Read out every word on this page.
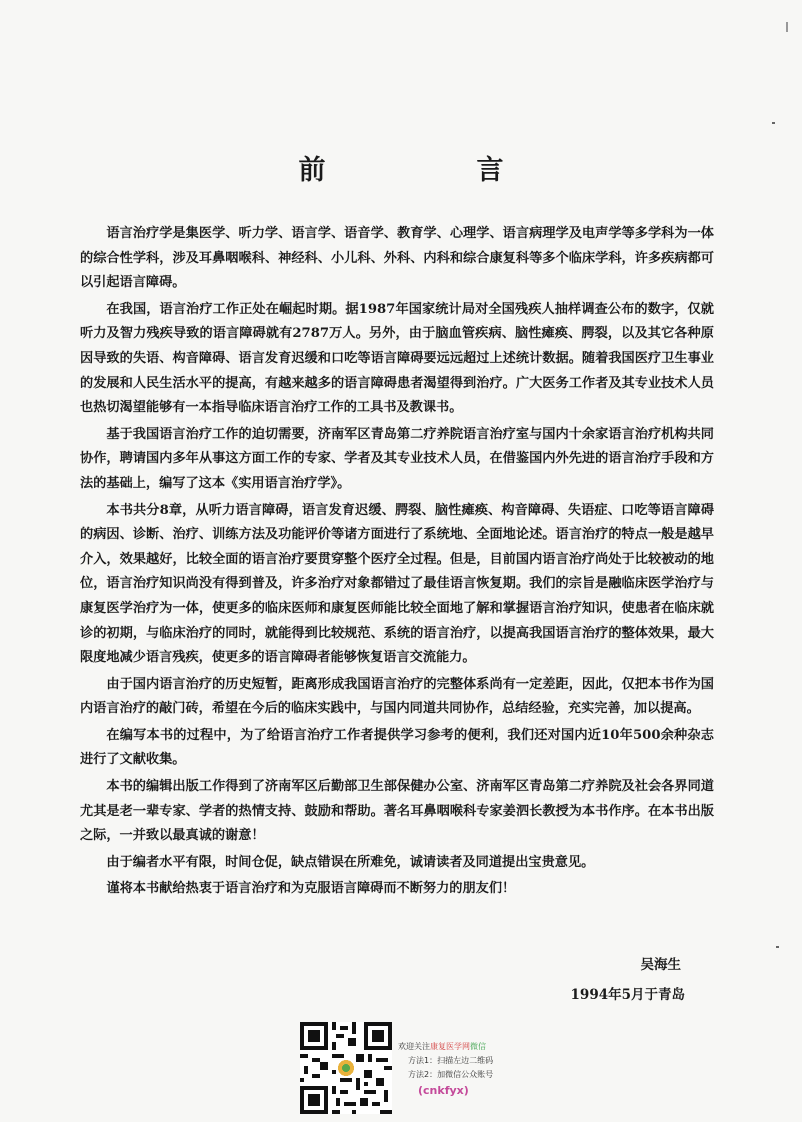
前　言

语言治疗学是集医学、听力学、语言学、语音学、教育学、心理学、语言病理学及电声学等多学科为一体的综合性学科，涉及耳鼻咽喉科、神经科、小儿科、外科、内科和综合康复科等多个临床学科，许多疾病都可以引起语言障碍。

在我国，语言治疗工作正处在崛起时期。据1987年国家统计局对全国残疾人抽样调查公布的数字，仅就听力及智力残疾导致的语言障碍就有2787万人。另外，由于脑血管疾病、脑性瘫痪、腭裂，以及其它各种原因导致的失语、构音障碍、语言发育迟缓和口吃等语言障碍要远远超过上述统计数据。随着我国医疗卫生事业的发展和人民生活水平的提高，有越来越多的语言障碍患者渴望得到治疗。广大医务工作者及其专业技术人员也热切渴望能够有一本指导临床语言治疗工作的工具书及教课书。

基于我国语言治疗工作的迫切需要，济南军区青岛第二疗养院语言治疗室与国内十余家语言治疗机构共同协作，聘请国内多年从事这方面工作的专家、学者及其专业技术人员，在借鉴国内外先进的语言治疗手段和方法的基础上，编写了这本《实用语言治疗学》。

本书共分8章，从听力语言障碍，语言发育迟缓、腭裂、脑性瘫痪、构音障碍、失语症、口吃等语言障碍的病因、诊断、治疗、训练方法及功能评价等诸方面进行了系统地、全面地论述。语言治疗的特点一般是越早介入，效果越好，比较全面的语言治疗要贯穿整个医疗全过程。但是，目前国内语言治疗尚处于比较被动的地位，语言治疗知识尚没有得到普及，许多治疗对象都错过了最佳语言恢复期。我们的宗旨是融临床医学治疗与康复医学治疗为一体，使更多的临床医师和康复医师能比较全面地了解和掌握语言治疗知识，使患者在临床就诊的初期，与临床治疗的同时，就能得到比较规范、系统的语言治疗，以提高我国语言治疗的整体效果，最大限度地减少语言残疾，使更多的语言障碍者能够恢复语言交流能力。

由于国内语言治疗的历史短暂，距离形成我国语言治疗的完整体系尚有一定差距，因此，仅把本书作为国内语言治疗的敲门砖，希望在今后的临床实践中，与国内同道共同协作，总结经验，充实完善，加以提高。

在编写本书的过程中，为了给语言治疗工作者提供学习参考的便利，我们还对国内近10年500余种杂志进行了文献收集。

本书的编辑出版工作得到了济南军区后勤部卫生部保健办公室、济南军区青岛第二疗养院及社会各界同道尤其是老一辈专家、学者的热情支持、鼓励和帮助。著名耳鼻咽喉科专家姜泗长教授为本书作序。在本书出版之际，一并致以最真诚的谢意！

由于编者水平有限，时间仓促，缺点错误在所难免，诚请读者及同道提出宝贵意见。

谨将本书献给热衷于语言治疗和为克服语言障碍而不断努力的朋友们！

吴海生
1994年5月于青岛
欢迎关注康复医学网微信
方法1：扫描左边二维码
方法2：加微信公众账号
(cnkfyx)
